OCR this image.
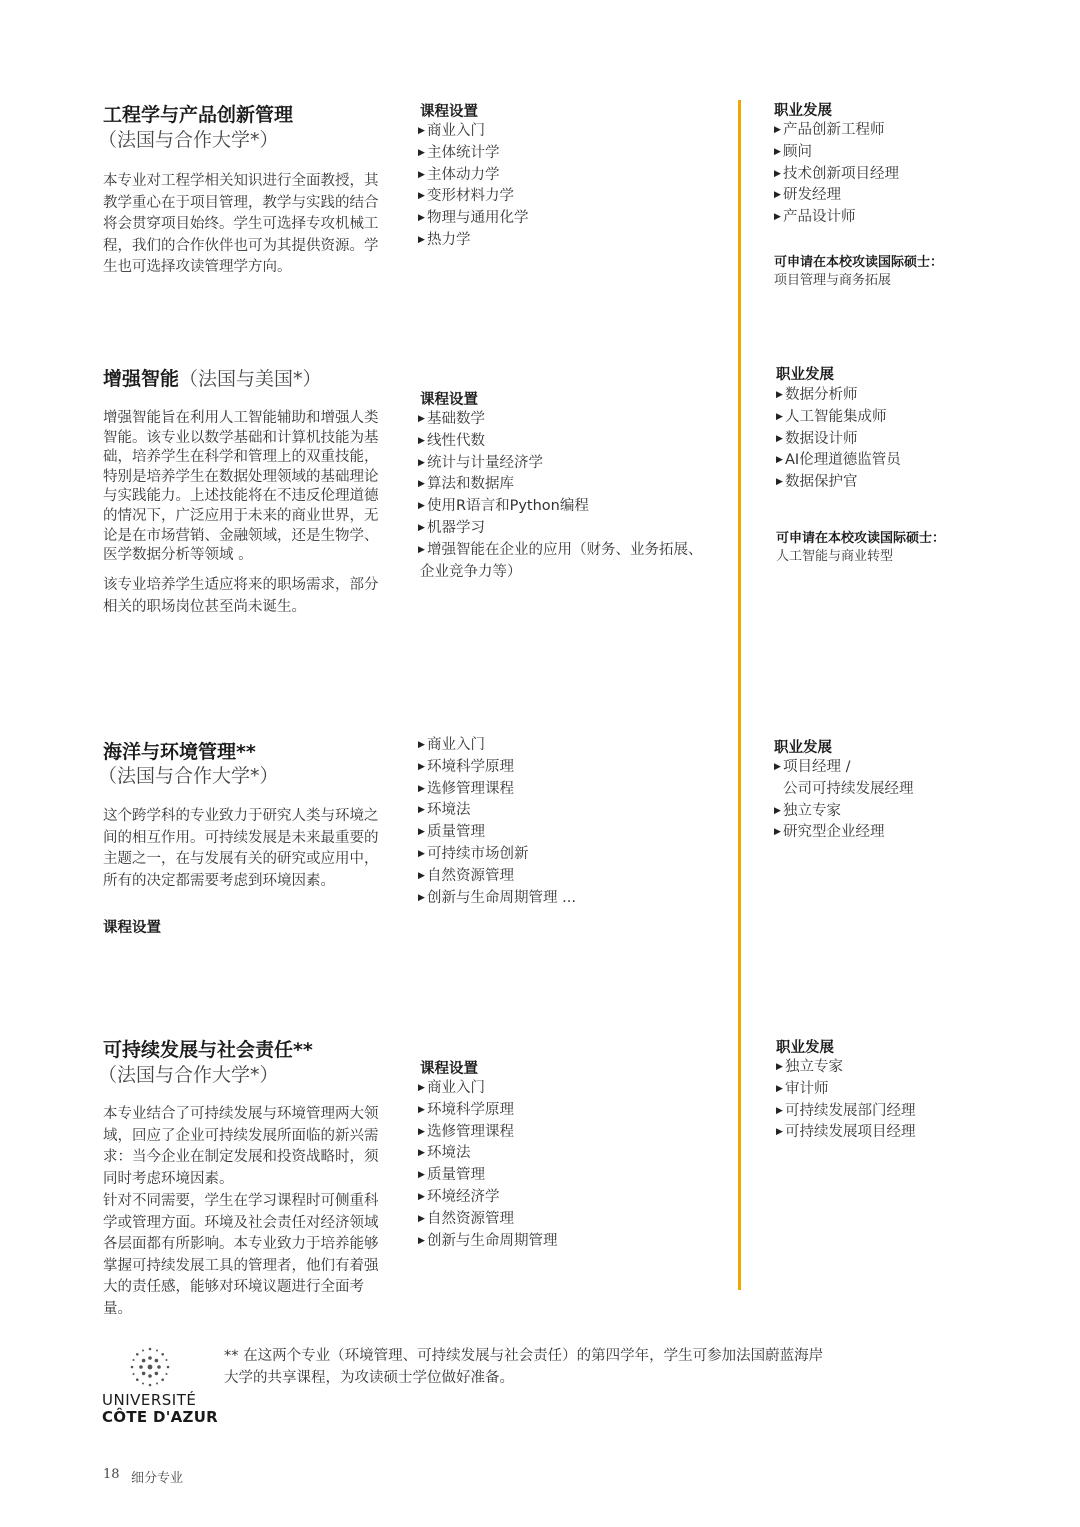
工程学与产品创新管理
（法国与合作大学*）
本专业对工程学相关知识进行全面教授，其教学重心在于项目管理，教学与实践的结合将会贯穿项目始终。学生可选择专攻机械工程，我们的合作伙伴也可为其提供资源。学生也可选择攻读管理学方向。
课程设置
▶ 商业入门
▶ 主体统计学
▶ 主体动力学
▶ 变形材料力学
▶ 物理与通用化学
▶ 热力学
职业发展
▶ 产品创新工程师
▶ 顾问
▶ 技术创新项目经理
▶ 研发经理
▶ 产品设计师
可申请在本校攻读国际硕士：
项目管理与商务拓展
增强智能（法国与美国*）
增强智能旨在利用人工智能辅助和增强人类智能。该专业以数学基础和计算机技能为基础，培养学生在科学和管理上的双重技能，特别是培养学生在数据处理领域的基础理论与实践能力。上述技能将在不违反伦理道德的情况下，广泛应用于未来的商业世界，无论是在市场营销、金融领域，还是生物学、医学数据分析等领域 。
该专业培养学生适应将来的职场需求，部分相关的职场岗位甚至尚未诞生。
课程设置
▶ 基础数学
▶ 线性代数
▶ 统计与计量经济学
▶ 算法和数据库
▶ 使用R语言和Python编程
▶ 机器学习
▶ 增强智能在企业的应用（财务、业务拓展、
企业竞争力等）
职业发展
▶ 数据分析师
▶ 人工智能集成师
▶ 数据设计师
▶ AI伦理道德监管员
▶ 数据保护官
可申请在本校攻读国际硕士：
人工智能与商业转型
海洋与环境管理**
（法国与合作大学*）
这个跨学科的专业致力于研究人类与环境之间的相互作用。可持续发展是未来最重要的主题之一，在与发展有关的研究或应用中，所有的决定都需要考虑到环境因素。
课程设置
▶ 商业入门
▶ 环境科学原理
▶ 选修管理课程
▶ 环境法
▶ 质量管理
▶ 可持续市场创新
▶ 自然资源管理
▶ 创新与生命周期管理 ...
职业发展
▶ 项目经理 /
公司可持续发展经理
▶ 独立专家
▶ 研究型企业经理
可持续发展与社会责任**
（法国与合作大学*）
本专业结合了可持续发展与环境管理两大领域，回应了企业可持续发展所面临的新兴需求：当今企业在制定发展和投资战略时，须同时考虑环境因素。
针对不同需要，学生在学习课程时可侧重科学或管理方面。环境及社会责任对经济领域各层面都有所影响。本专业致力于培养能够掌握可持续发展工具的管理者，他们有着强大的责任感，能够对环境议题进行全面考量。
课程设置
▶ 商业入门
▶ 环境科学原理
▶ 选修管理课程
▶ 环境法
▶ 质量管理
▶ 环境经济学
▶ 自然资源管理
▶ 创新与生命周期管理
职业发展
▶ 独立专家
▶ 审计师
▶ 可持续发展部门经理
▶ 可持续发展项目经理
UNIVERSITÉ
CÔTE D'AZUR
** 在这两个专业（环境管理、可持续发展与社会责任）的第四学年，学生可参加法国蔚蓝海岸大学的共享课程，为攻读硕士学位做好准备。
18 细分专业
